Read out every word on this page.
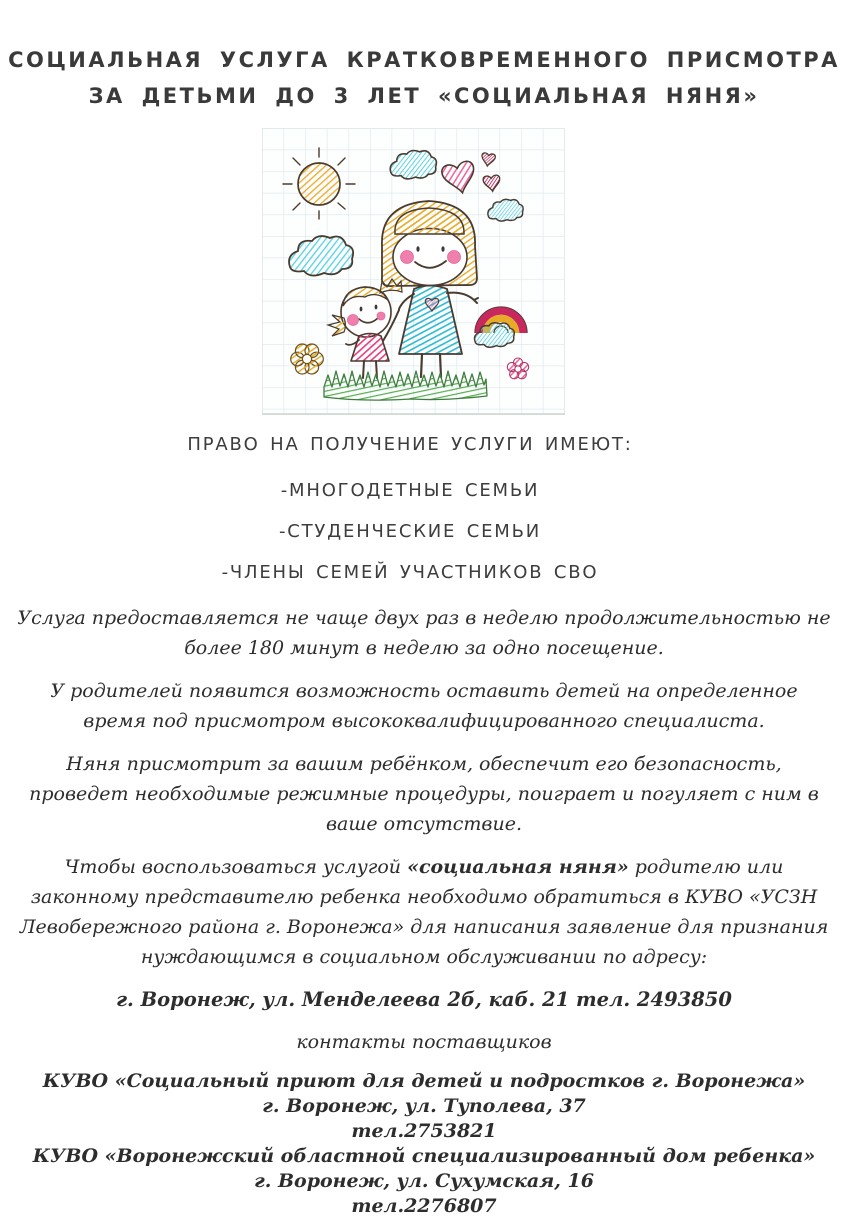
СОЦИАЛЬНАЯ УСЛУГА КРАТКОВРЕМЕННОГО ПРИСМОТРА
ЗА ДЕТЬМИ ДО 3 ЛЕТ «СОЦИАЛЬНАЯ НЯНЯ»

ПРАВО НА ПОЛУЧЕНИЕ УСЛУГИ ИМЕЮТ:

-МНОГОДЕТНЫЕ СЕМЬИ

-СТУДЕНЧЕСКИЕ СЕМЬИ

-ЧЛЕНЫ СЕМЕЙ УЧАСТНИКОВ СВО

Услуга предоставляется не чаще двух раз в неделю продолжительностью не более 180 минут в неделю за одно посещение.

У родителей появится возможность оставить детей на определенное время под присмотром высококвалифицированного специалиста.

Няня присмотрит за вашим ребёнком, обеспечит его безопасность, проведет необходимые режимные процедуры, поиграет и погуляет с ним в ваше отсутствие.

Чтобы воспользоваться услугой «социальная няня» родителю или законному представителю ребенка необходимо обратиться в КУВО «УСЗН Левобережного района г. Воронежа» для написания заявление для признания нуждающимся в социальном обслуживании по адресу:

г. Воронеж, ул. Менделеева 2б, каб. 21 тел. 2493850

контакты поставщиков

КУВО «Социальный приют для детей и подростков г. Воронежа»

г. Воронеж, ул. Туполева, 37

тел.2753821

КУВО «Воронежский областной специализированный дом ребенка»

г. Воронеж, ул. Сухумская, 16

тел.2276807
